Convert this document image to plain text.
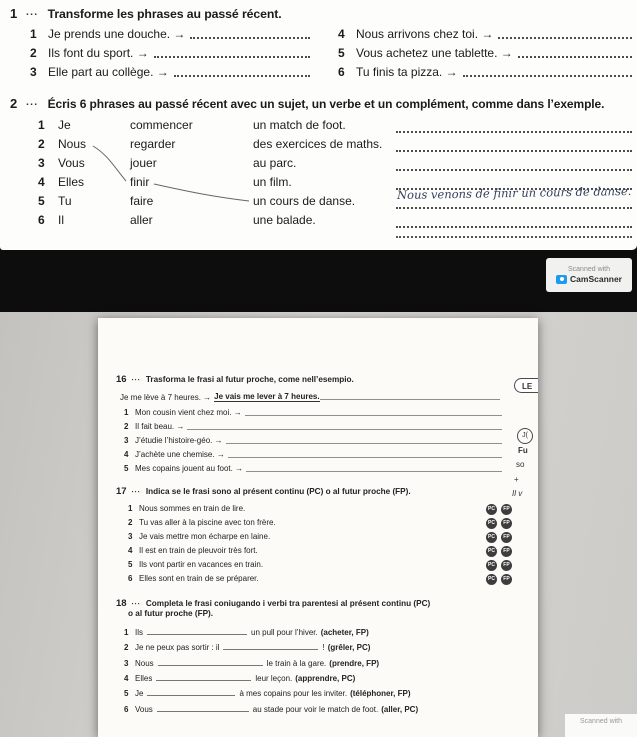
1 ▪▪▪ Transforme les phrases au passé récent.
1 Je prends une douche. →
2 Ils font du sport. →
3 Elle part au collège. →
4 Nous arrivons chez toi. →
5 Vous achetez une tablette. →
6 Tu finis ta pizza. →
2 ▪▪▪ Écris 6 phrases au passé récent avec un sujet, un verbe et un complément, comme dans l’exemple.
1 Je	commencer	un match de foot.
2 Nous	regarder	des exercices de maths.
3 Vous	jouer	au parc.
4 Elles	finir	un film.
5 Tu	faire	un cours de danse.
6 Il	aller	une balade.
Nous venons de finir un cours de danse.
Scanned with
CamScanner
16 ▪▪▪ Trasforma le frasi al futur proche, come nell’esempio.
Je me lève à 7 heures. → Je vais me lever à 7 heures.
1 Mon cousin vient chez moi. →
2 Il fait beau. →
3 J’étudie l’histoire-géo. →
4 J’achète une chemise. →
5 Mes copains jouent au foot. →
17 ▪▪▪ Indica se le frasi sono al présent continu (PC) o al futur proche (FP).
1 Nous sommes en train de lire.	PC	FP
2 Tu vas aller à la piscine avec ton frère.	PC	FP
3 Je vais mettre mon écharpe en laine.	PC	FP
4 Il est en train de pleuvoir très fort.	PC	FP
5 Ils vont partir en vacances en train.	PC	FP
6 Elles sont en train de se préparer.	PC	FP
18 ▪▪▪ Completa le frasi coniugando i verbi tra parentesi al présent continu (PC)
o al futur proche (FP).
1 Ils	un pull pour l’hiver. (acheter, FP)
2 Je ne peux pas sortir : il	! (grêler, PC)
3 Nous	le train à la gare. (prendre, FP)
4 Elles	leur leçon. (apprendre, PC)
5 Je	à mes copains pour les inviter. (téléphoner, FP)
6 Vous	au stade pour voir le match de foot. (aller, PC)
LE
J(
Fu
so
+
Il v
Scanned with
